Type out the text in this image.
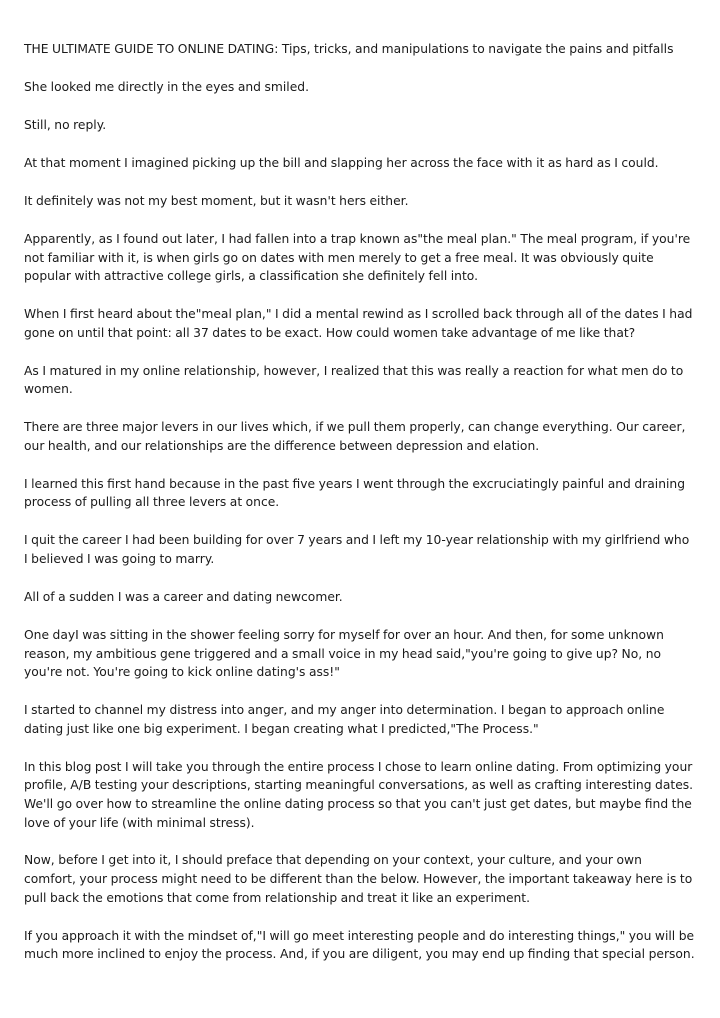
THE ULTIMATE GUIDE TO ONLINE DATING: Tips, tricks, and manipulations to navigate the pains and pitfalls

She looked me directly in the eyes and smiled.

Still, no reply.

At that moment I imagined picking up the bill and slapping her across the face with it as hard as I could.

It definitely was not my best moment, but it wasn't hers either.

Apparently, as I found out later, I had fallen into a trap known as"the meal plan." The meal program, if you're not familiar with it, is when girls go on dates with men merely to get a free meal. It was obviously quite popular with attractive college girls, a classification she definitely fell into.

When I first heard about the"meal plan," I did a mental rewind as I scrolled back through all of the dates I had gone on until that point: all 37 dates to be exact. How could women take advantage of me like that?

As I matured in my online relationship, however, I realized that this was really a reaction for what men do to women.

There are three major levers in our lives which, if we pull them properly, can change everything. Our career, our health, and our relationships are the difference between depression and elation.

I learned this first hand because in the past five years I went through the excruciatingly painful and draining process of pulling all three levers at once.

I quit the career I had been building for over 7 years and I left my 10-year relationship with my girlfriend who I believed I was going to marry.

All of a sudden I was a career and dating newcomer.

One dayI was sitting in the shower feeling sorry for myself for over an hour. And then, for some unknown reason, my ambitious gene triggered and a small voice in my head said,"you're going to give up? No, no you're not. You're going to kick online dating's ass!"

I started to channel my distress into anger, and my anger into determination. I began to approach online dating just like one big experiment. I began creating what I predicted,"The Process."

In this blog post I will take you through the entire process I chose to learn online dating. From optimizing your profile, A/B testing your descriptions, starting meaningful conversations, as well as crafting interesting dates. We'll go over how to streamline the online dating process so that you can't just get dates, but maybe find the love of your life (with minimal stress).

Now, before I get into it, I should preface that depending on your context, your culture, and your own comfort, your process might need to be different than the below. However, the important takeaway here is to pull back the emotions that come from relationship and treat it like an experiment.

If you approach it with the mindset of,"I will go meet interesting people and do interesting things," you will be much more inclined to enjoy the process. And, if you are diligent, you may end up finding that special person.
